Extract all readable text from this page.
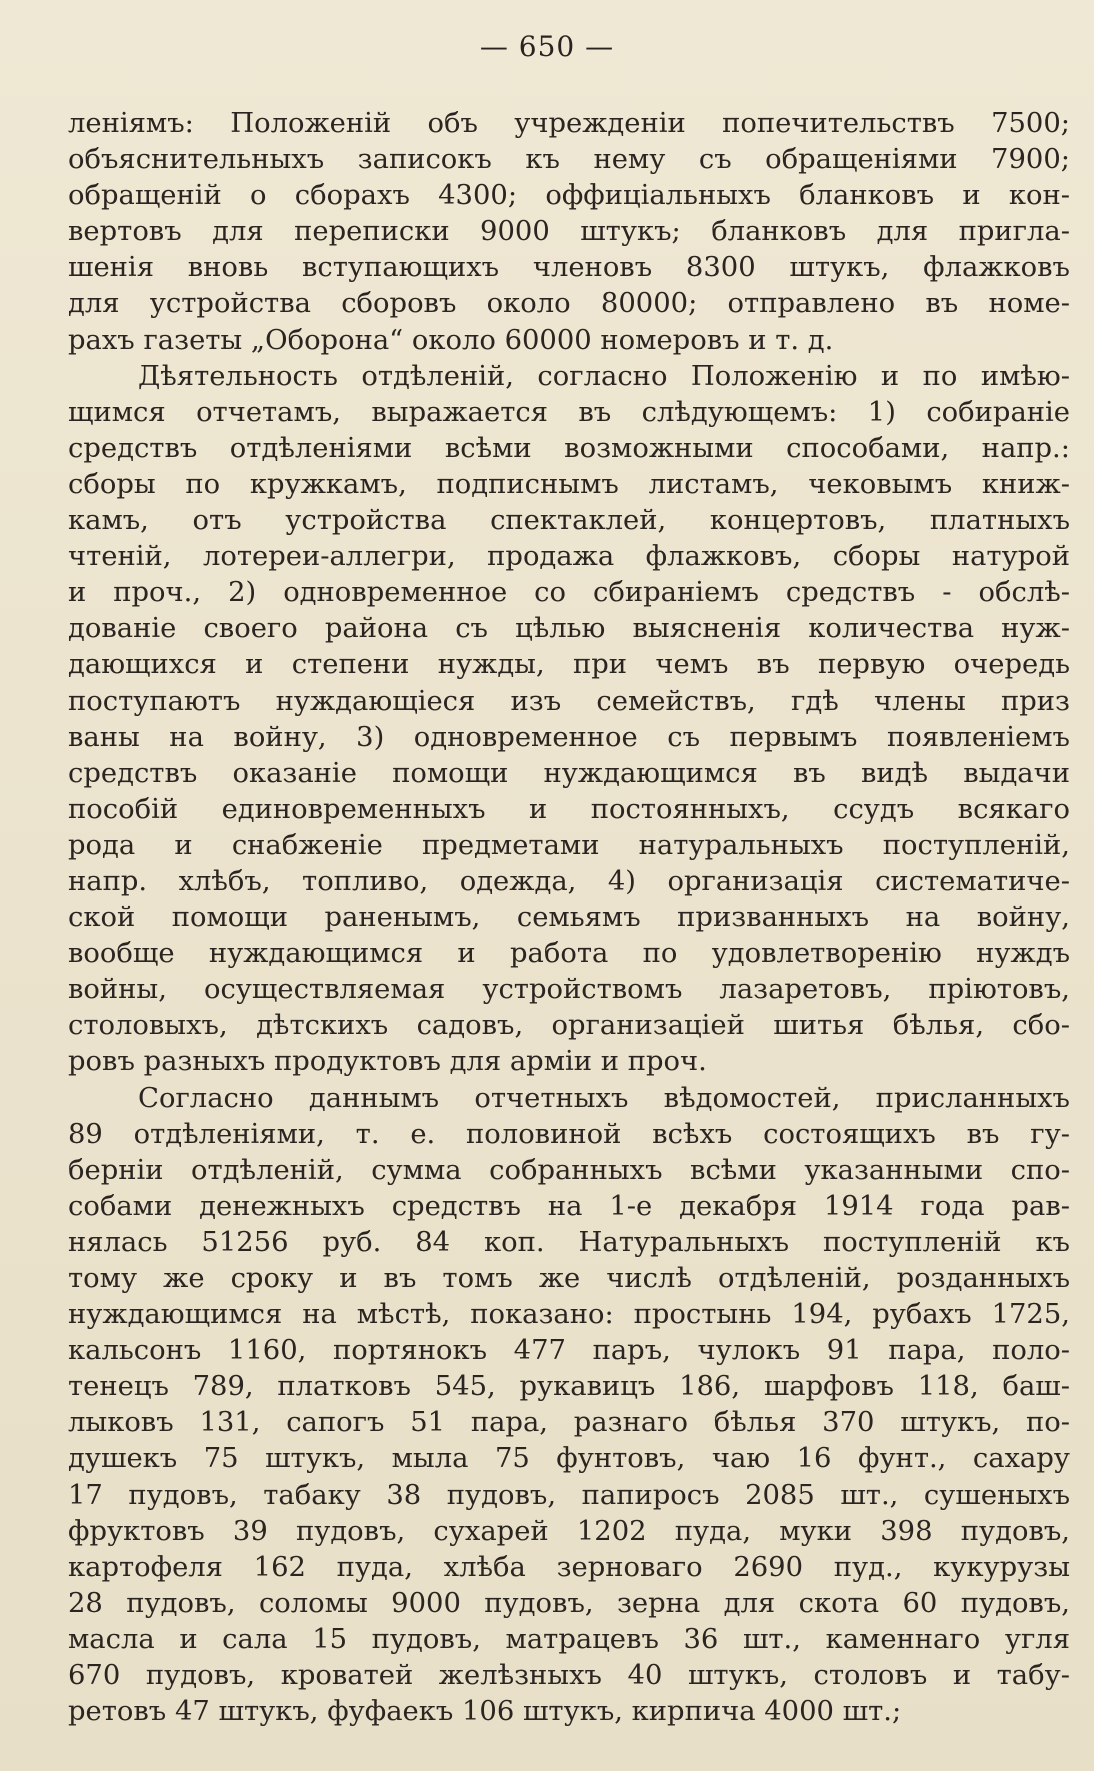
— 650 —
леніямъ: Положеній объ учрежденіи попечительствъ 7500;
объяснительныхъ записокъ къ нему съ обращеніями 7900;
обращеній о сборахъ 4300; оффиціальныхъ бланковъ и кон-
вертовъ для переписки 9000 штукъ; бланковъ для пригла-
шенія вновь вступающихъ членовъ 8300 штукъ, флажковъ
для устройства сборовъ около 80000; отправлено въ номе-
рахъ газеты „Оборона“ около 60000 номеровъ и т. д.
Дѣятельность отдѣленій, согласно Положенію и по имѣю-
щимся отчетамъ, выражается въ слѣдующемъ: 1) собираніе
средствъ отдѣленіями всѣми возможными способами, напр.:
сборы по кружкамъ, подписнымъ листамъ, чековымъ книж-
камъ, отъ устройства спектаклей, концертовъ, платныхъ
чтеній, лотереи-аллегри, продажа флажковъ, сборы натурой
и проч., 2) одновременное со сбираніемъ средствъ - обслѣ-
дованіе своего района съ цѣлью выясненія количества нуж-
дающихся и степени нужды, при чемъ въ первую очередь
поступаютъ нуждающіеся изъ семействъ, гдѣ члены приз
ваны на войну, 3) одновременное съ первымъ появленіемъ
средствъ оказаніе помощи нуждающимся въ видѣ выдачи
пособій единовременныхъ и постоянныхъ, ссудъ всякаго
рода и снабженіе предметами натуральныхъ поступленій,
напр. хлѣбъ, топливо, одежда, 4) организація систематиче-
ской помощи раненымъ, семьямъ призванныхъ на войну,
вообще нуждающимся и работа по удовлетворенію нуждъ
войны, осуществляемая устройствомъ лазаретовъ, пріютовъ,
столовыхъ, дѣтскихъ садовъ, организаціей шитья бѣлья, сбо-
ровъ разныхъ продуктовъ для арміи и проч.
Согласно даннымъ отчетныхъ вѣдомостей, присланныхъ
89 отдѣленіями, т. е. половиной всѣхъ состоящихъ въ гу-
берніи отдѣленій, сумма собранныхъ всѣми указанными спо-
собами денежныхъ средствъ на 1-е декабря 1914 года рав-
нялась 51256 руб. 84 коп. Натуральныхъ поступленій къ
тому же сроку и въ томъ же числѣ отдѣленій, розданныхъ
нуждающимся на мѣстѣ, показано: простынь 194, рубахъ 1725,
кальсонъ 1160, портянокъ 477 паръ, чулокъ 91 пара, поло-
тенецъ 789, платковъ 545, рукавицъ 186, шарфовъ 118, баш-
лыковъ 131, сапогъ 51 пара, разнаго бѣлья 370 штукъ, по-
душекъ 75 штукъ, мыла 75 фунтовъ, чаю 16 фунт., сахару
17 пудовъ, табаку 38 пудовъ, папиросъ 2085 шт., сушеныхъ
фруктовъ 39 пудовъ, сухарей 1202 пуда, муки 398 пудовъ,
картофеля 162 пуда, хлѣба зерноваго 2690 пуд., кукурузы
28 пудовъ, соломы 9000 пудовъ, зерна для скота 60 пудовъ,
масла и сала 15 пудовъ, матрацевъ 36 шт., каменнаго угля
670 пудовъ, кроватей желѣзныхъ 40 штукъ, столовъ и табу-
ретовъ 47 штукъ, фуфаекъ 106 штукъ, кирпича 4000 шт.;
